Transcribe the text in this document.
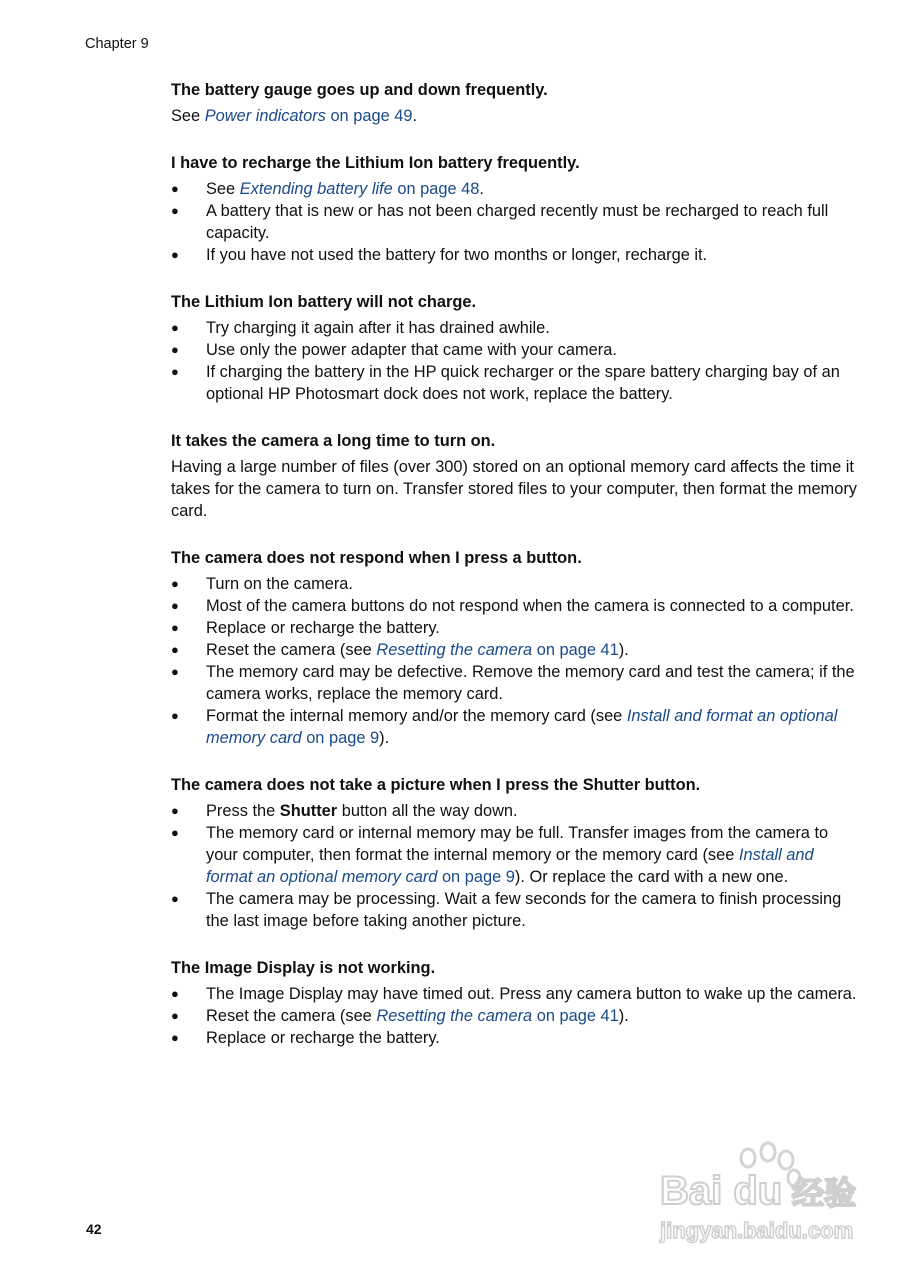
Chapter 9
The battery gauge goes up and down frequently.

See Power indicators on page 49.

I have to recharge the Lithium Ion battery frequently.
● See Extending battery life on page 48.
● A battery that is new or has not been charged recently must be recharged to reach full capacity.
● If you have not used the battery for two months or longer, recharge it.
The Lithium Ion battery will not charge.
● Try charging it again after it has drained awhile.
● Use only the power adapter that came with your camera.
● If charging the battery in the HP quick recharger or the spare battery charging bay of an optional HP Photosmart dock does not work, replace the battery.
It takes the camera a long time to turn on.

Having a large number of files (over 300) stored on an optional memory card affects the time it takes for the camera to turn on. Transfer stored files to your computer, then format the memory card.

The camera does not respond when I press a button.
● Turn on the camera.
● Most of the camera buttons do not respond when the camera is connected to a computer.
● Replace or recharge the battery.
● Reset the camera (see Resetting the camera on page 41).
● The memory card may be defective. Remove the memory card and test the camera; if the camera works, replace the memory card.
● Format the internal memory and/or the memory card (see Install and format an optional memory card on page 9).
The camera does not take a picture when I press the Shutter button.
● Press the Shutter button all the way down.
● The memory card or internal memory may be full. Transfer images from the camera to your computer, then format the internal memory or the memory card (see Install and format an optional memory card on page 9). Or replace the card with a new one.
● The camera may be processing. Wait a few seconds for the camera to finish processing the last image before taking another picture.
The Image Display is not working.
● The Image Display may have timed out. Press any camera button to wake up the camera.
● Reset the camera (see Resetting the camera on page 41).
● Replace or recharge the battery.
42
Bai du 经验
jingyan.baidu.com
